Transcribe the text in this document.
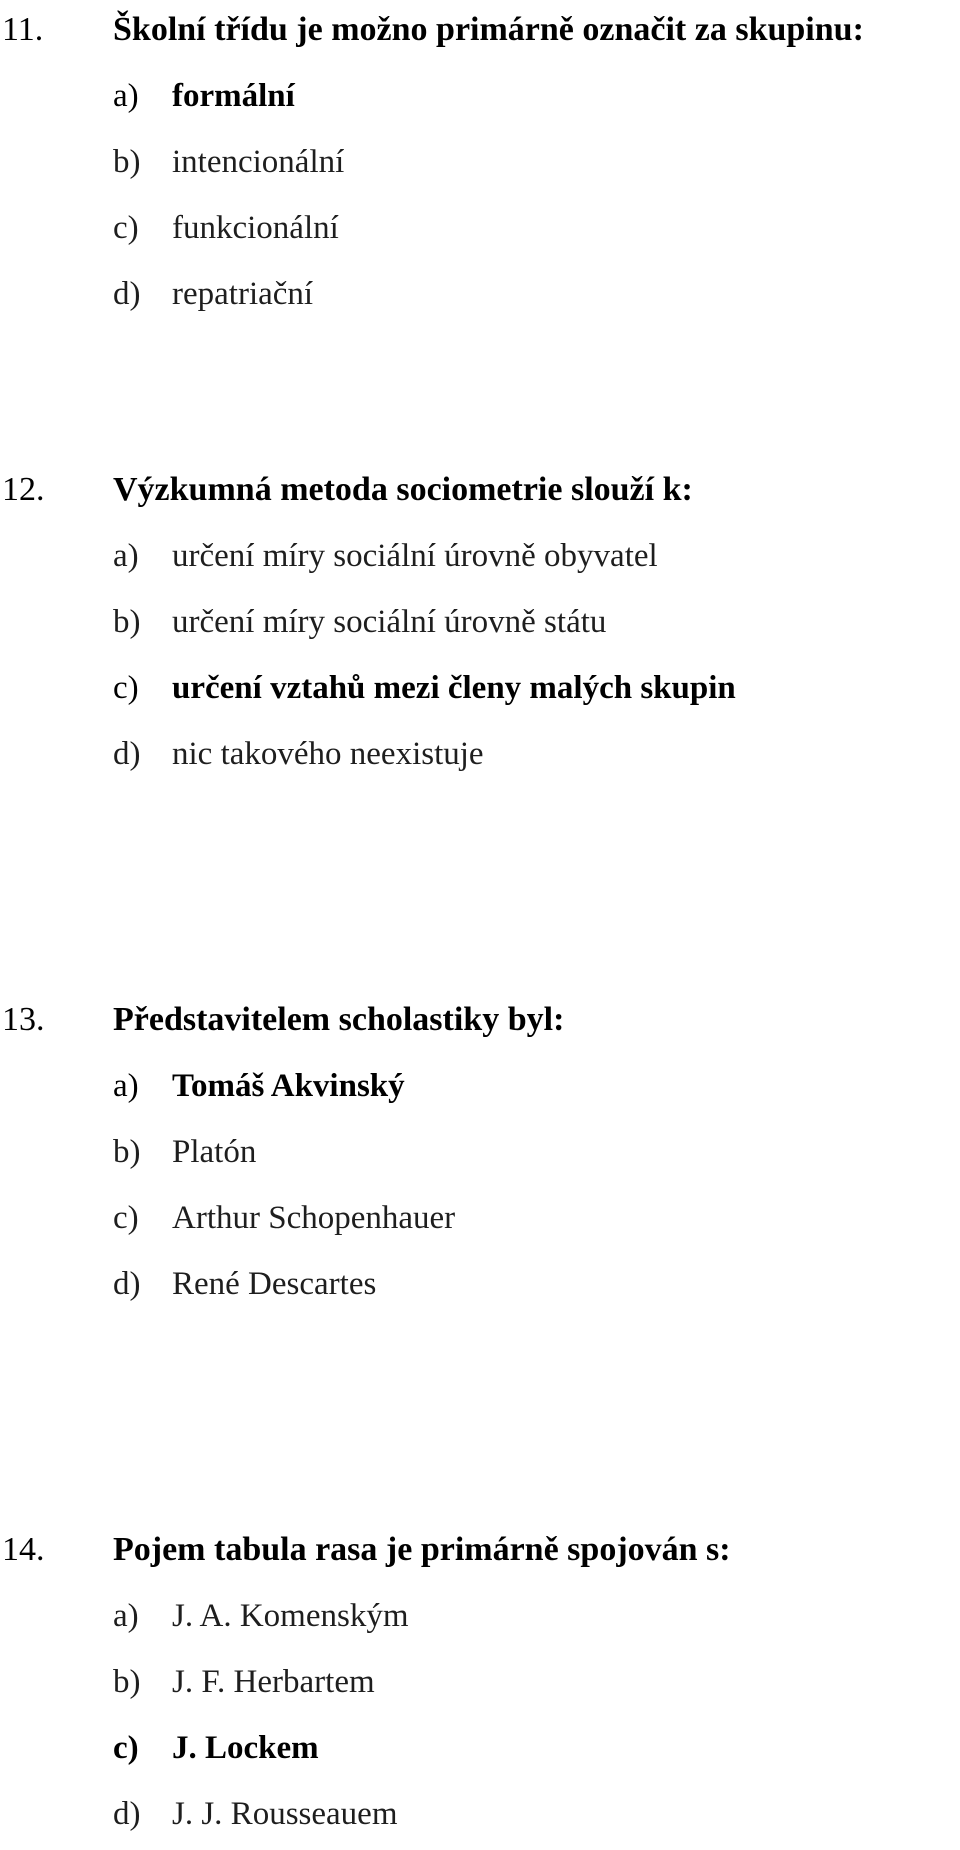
11. Školní třídu je možno primárně označit za skupinu:
a) formální
b) intencionální
c) funkcionální
d) repatriační
12. Výzkumná metoda sociometrie slouží k:
a) určení míry sociální úrovně obyvatel
b) určení míry sociální úrovně státu
c) určení vztahů mezi členy malých skupin
d) nic takového neexistuje
13. Představitelem scholastiky byl:
a) Tomáš Akvinský
b) Platón
c) Arthur Schopenhauer
d) René Descartes
14. Pojem tabula rasa je primárně spojován s:
a) J. A. Komenským
b) J. F. Herbartem
c) J. Lockem
d) J. J. Rousseauem
